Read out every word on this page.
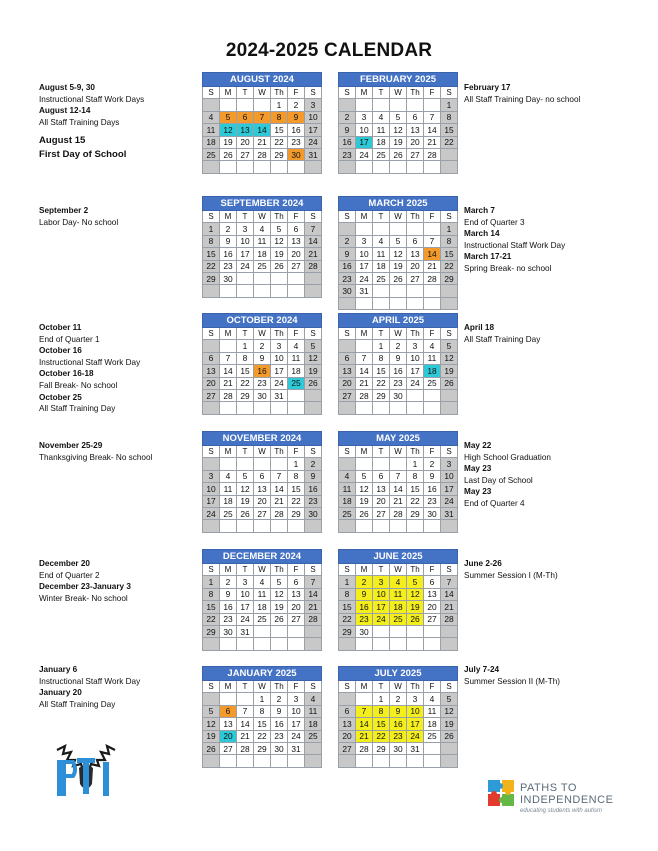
2024-2025 CALENDAR
AUGUST 2024						
S	M	T	W	Th	F	S
				1	2	3
4	5	6	7	8	9	10
11	12	13	14	15	16	17
18	19	20	21	22	23	24
25	26	27	28	29	30	31

FEBRUARY 2025						
S	M	T	W	Th	F	S
						1
2	3	4	5	6	7	8
9	10	11	12	13	14	15
16	17	18	19	20	21	22
23	24	25	26	27	28	

SEPTEMBER 2024						
S	M	T	W	Th	F	S
1	2	3	4	5	6	7
8	9	10	11	12	13	14
15	16	17	18	19	20	21
22	23	24	25	26	27	28
29	30					

MARCH 2025						
S	M	T	W	Th	F	S
						1
2	3	4	5	6	7	8
9	10	11	12	13	14	15
16	17	18	19	20	21	22
23	24	25	26	27	28	29
30	31					

OCTOBER 2024						
S	M	T	W	Th	F	S
		1	2	3	4	5
6	7	8	9	10	11	12
13	14	15	16	17	18	19
20	21	22	23	24	25	26
27	28	29	30	31		

APRIL 2025						
S	M	T	W	Th	F	S
		1	2	3	4	5
6	7	8	9	10	11	12
13	14	15	16	17	18	19
20	21	22	23	24	25	26
27	28	29	30			

NOVEMBER 2024						
S	M	T	W	Th	F	S
					1	2
3	4	5	6	7	8	9
10	11	12	13	14	15	16
17	18	19	20	21	22	23
24	25	26	27	28	29	30

MAY 2025						
S	M	T	W	Th	F	S
				1	2	3
4	5	6	7	8	9	10
11	12	13	14	15	16	17
18	19	20	21	22	23	24
25	26	27	28	29	30	31

DECEMBER 2024						
S	M	T	W	Th	F	S
1	2	3	4	5	6	7
8	9	10	11	12	13	14
15	16	17	18	19	20	21
22	23	24	25	26	27	28
29	30	31				

JUNE 2025						
S	M	T	W	Th	F	S
1	2	3	4	5	6	7
8	9	10	11	12	13	14
15	16	17	18	19	20	21
22	23	24	25	26	27	28
29	30					

JANUARY 2025						
S	M	T	W	Th	F	S
			1	2	3	4
5	6	7	8	9	10	11
12	13	14	15	16	17	18
19	20	21	22	23	24	25
26	27	28	29	30	31	

JULY 2025						
S	M	T	W	Th	F	S
		1	2	3	4	5
6	7	8	9	10	11	12
13	14	15	16	17	18	19
20	21	22	23	24	25	26
27	28	29	30	31		

August 5-9, 30
Instructional Staff Work Days
August 12-14
All Staff Training Days
August 15
First Day of School
February 17
All Staff Training Day- no school
September 2
Labor Day- No school
March 7
End of Quarter 3
March 14
Instructional Staff Work Day
March 17-21
Spring Break- no school
October 11
End of Quarter 1
October 16
Instructional Staff Work Day
October 16-18
Fall Break- No school
October 25
All Staff Training Day
April 18
All Staff Training Day
November 25-29
Thanksgiving Break- No school
May 22
High School Graduation
May 23
Last Day of School
May 23
End of Quarter 4
December 20
End of Quarter 2
December 23-January 3
Winter Break- No school
June 2-26
Summer Session I (M-Th)
January 6
Instructional Staff Work Day
January 20
All Staff Training Day
July 7-24
Summer Session II (M-Th)
PATHS TO
INDEPENDENCE
educating students with autism
